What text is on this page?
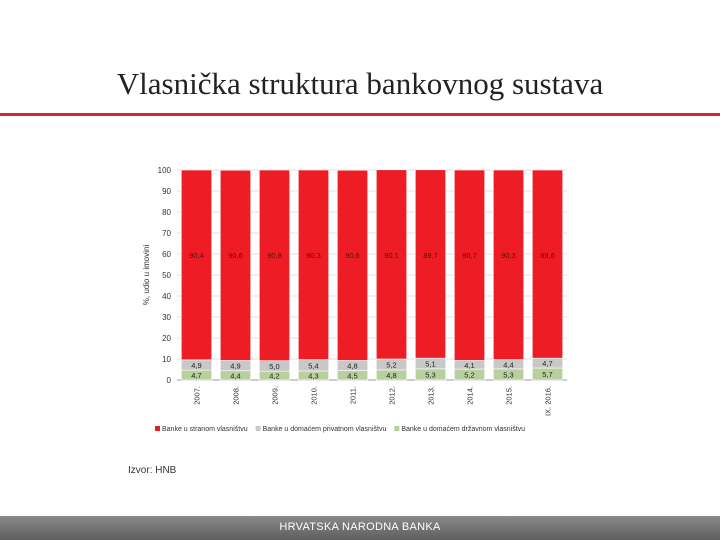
Vlasnička struktura bankovnog sustava
0
10
20
30
40
50
60
70
80
90
100
%, udio u imovini
4,7
4,9
90,4
2007.
4,4
4,9
90,6
2008.
4,2
5,0
90,8
2009.
4,3
5,4
90,3
2010.
4,5
4,8
90,6
2011.
4,8
5,2
90,1
2012.
5,3
5,1
89,7
2013.
5,2
4,1
90,7
2014.
5,3
4,4
90,3
2015.
5,7
4,7
89,6
IX. 2016.
Banke u stranom vlasništvu Banke u domaćem privatnom vlasništvu Banke u domaćem državnom vlasništvu
Izvor: HNB
HRVATSKA NARODNA BANKA
